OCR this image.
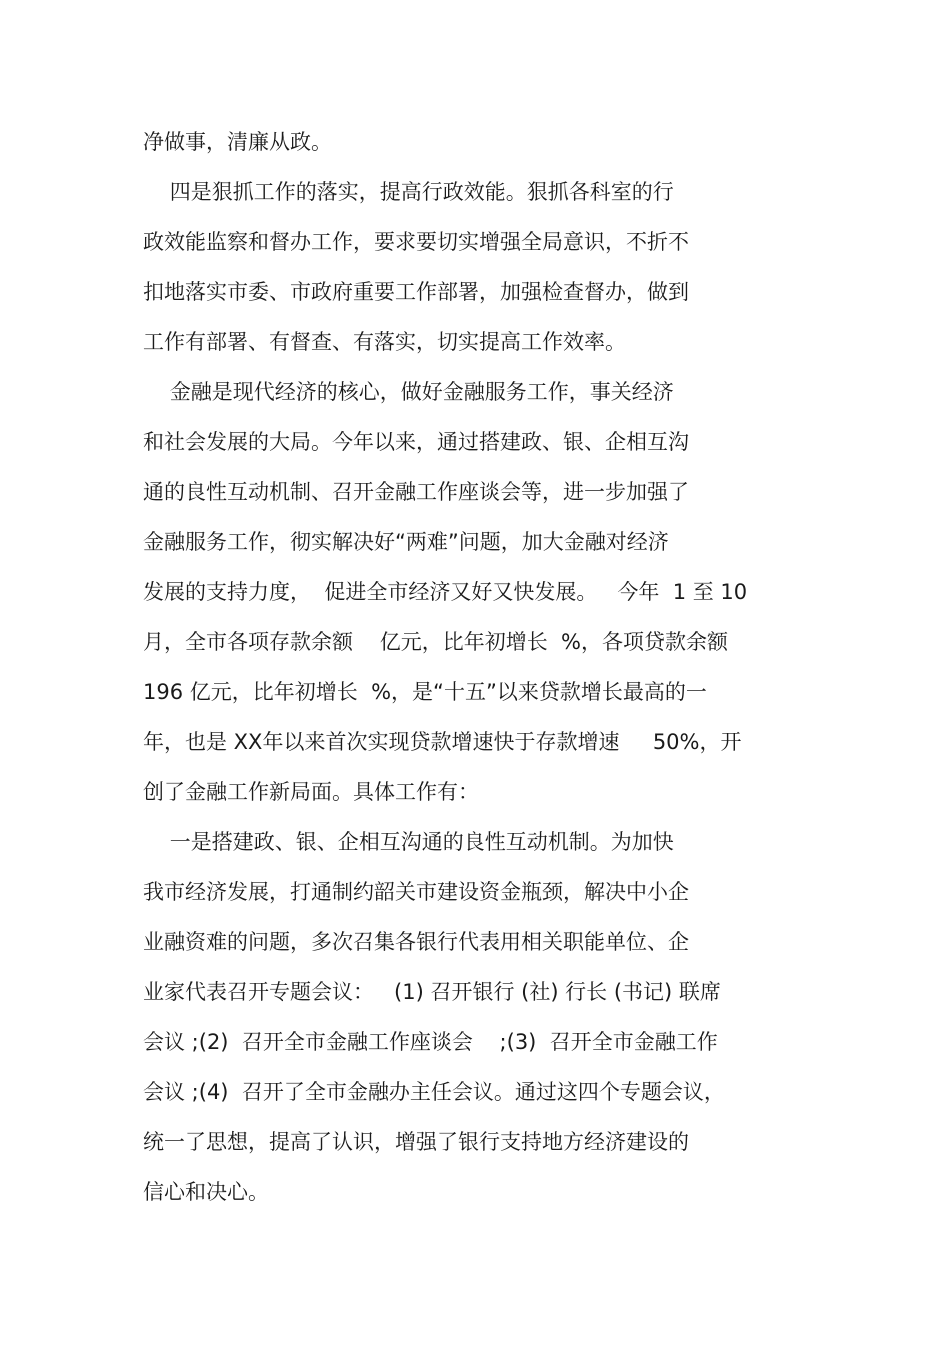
净做事，清廉从政。

四是狠抓工作的落实，提高行政效能。狠抓各科室的行

政效能监察和督办工作，要求要切实增强全局意识，不折不

扣地落实市委、市政府重要工作部署，加强检查督办，做到

工作有部署、有督查、有落实，切实提高工作效率。

金融是现代经济的核心，做好金融服务工作，事关经济

和社会发展的大局。今年以来，通过搭建政、银、企相互沟

通的良性互动机制、召开金融工作座谈会等，进一步加强了

金融服务工作，彻实解决好“两难”问题，加大金融对经济

发展的支持力度，  促进全市经济又好又快发展。   今年  1 至 10

月，全市各项存款余额    亿元，比年初增长  %，各项贷款余额

196 亿元，比年初增长  %，是“十五”以来贷款增长最高的一

年，也是 XX年以来首次实现贷款增速快于存款增速     50%，开

创了金融工作新局面。具体工作有：

一是搭建政、银、企相互沟通的良性互动机制。为加快

我市经济发展，打通制约韶关市建设资金瓶颈，解决中小企

业融资难的问题，多次召集各银行代表用相关职能单位、企

业家代表召开专题会议：   (1) 召开银行 (社) 行长 (书记) 联席

会议 ;(2)  召开全市金融工作座谈会    ;(3)  召开全市金融工作

会议 ;(4)  召开了全市金融办主任会议。通过这四个专题会议，

统一了思想，提高了认识，增强了银行支持地方经济建设的

信心和决心。
